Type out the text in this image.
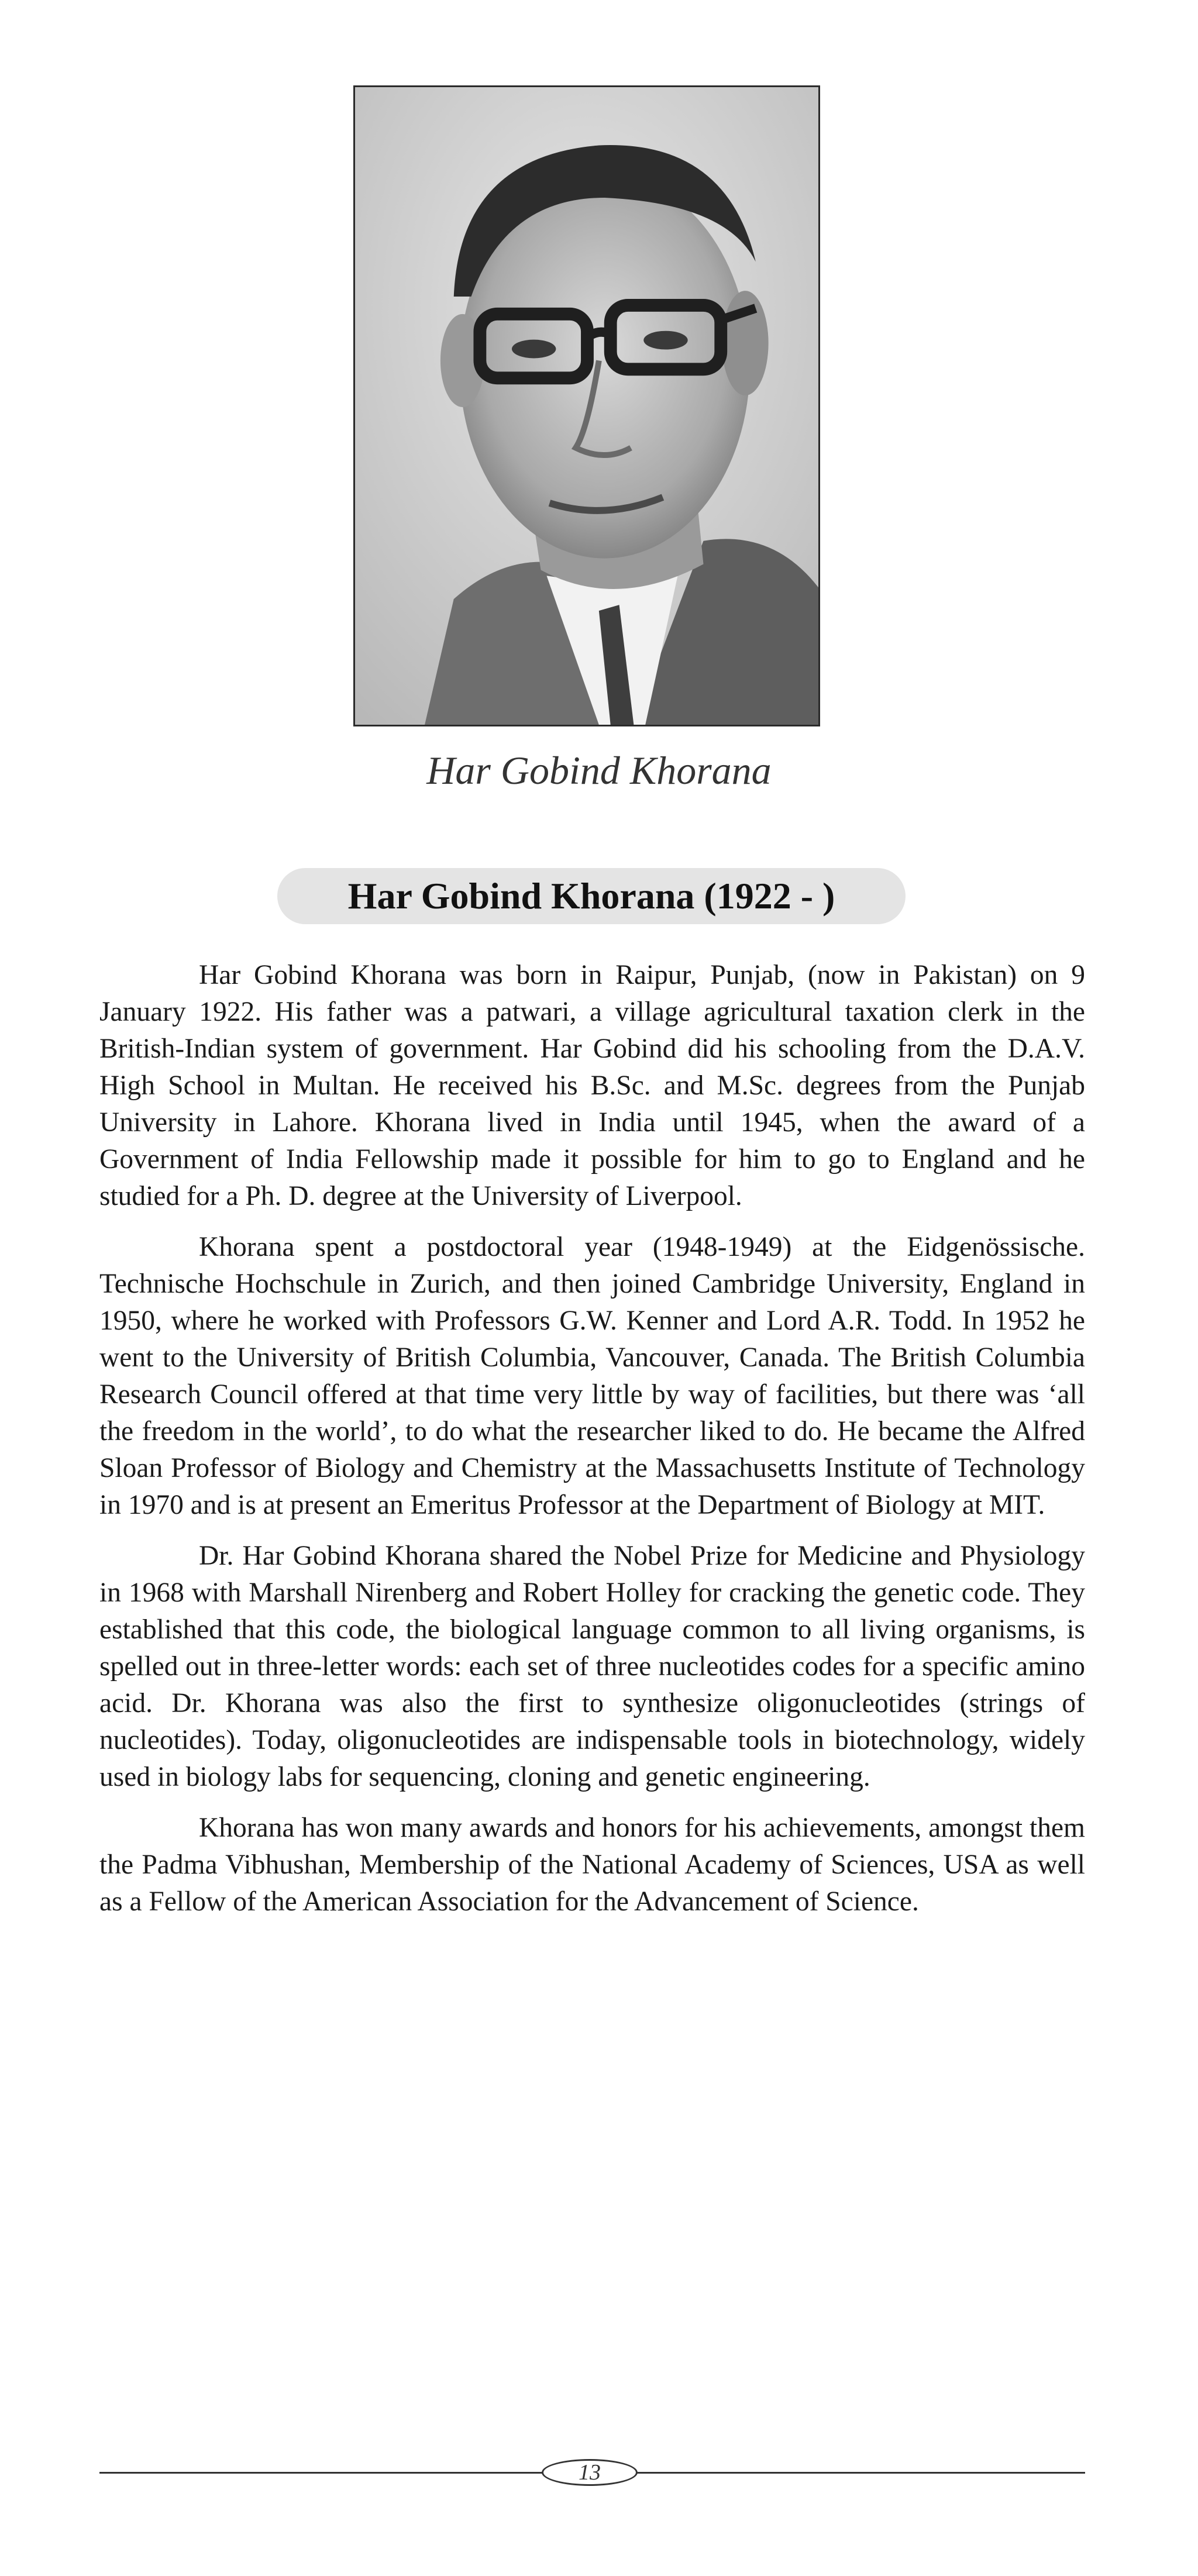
Har Gobind Khorana
Har Gobind Khorana (1922 - )

Har Gobind Khorana was born in Raipur, Punjab, (now in Pakistan) on 9 January 1922. His father was a patwari, a village agricultural taxation clerk in the British-Indian system of government. Har Gobind did his schooling from the D.A.V. High School in Multan. He received his B.Sc. and M.Sc. degrees from the Punjab University in Lahore. Khorana lived in India until 1945, when the award of a Government of India Fellowship made it possible for him to go to England and he studied for a Ph. D. degree at the University of Liverpool.

Khorana spent a postdoctoral year (1948-1949) at the Eidgenössische. Technische Hochschule in Zurich, and then joined Cambridge University, England in 1950, where he worked with Professors G.W. Kenner and Lord A.R. Todd. In 1952 he went to the University of British Columbia, Vancouver, Canada. The British Columbia Research Council offered at that time very little by way of facilities, but there was ‘all the freedom in the world’, to do what the researcher liked to do. He became the Alfred Sloan Professor of Biology and Chemistry at the Massachusetts Institute of Technology in 1970 and is at present an Emeritus Professor at the Department of Biology at MIT.

Dr. Har Gobind Khorana shared the Nobel Prize for Medicine and Physiology in 1968 with Marshall Nirenberg and Robert Holley for cracking the genetic code. They established that this code, the biological language common to all living organisms, is spelled out in three-letter words: each set of three nucleotides codes for a specific amino acid. Dr. Khorana was also the first to synthesize oligonucleotides (strings of nucleotides). Today, oligonucleotides are indispensable tools in biotechnology, widely used in biology labs for sequencing, cloning and genetic engineering.

Khorana has won many awards and honors for his achievements, amongst them the Padma Vibhushan, Membership of the National Academy of Sciences, USA as well as a Fellow of the American Association for the Advancement of Science.

13
